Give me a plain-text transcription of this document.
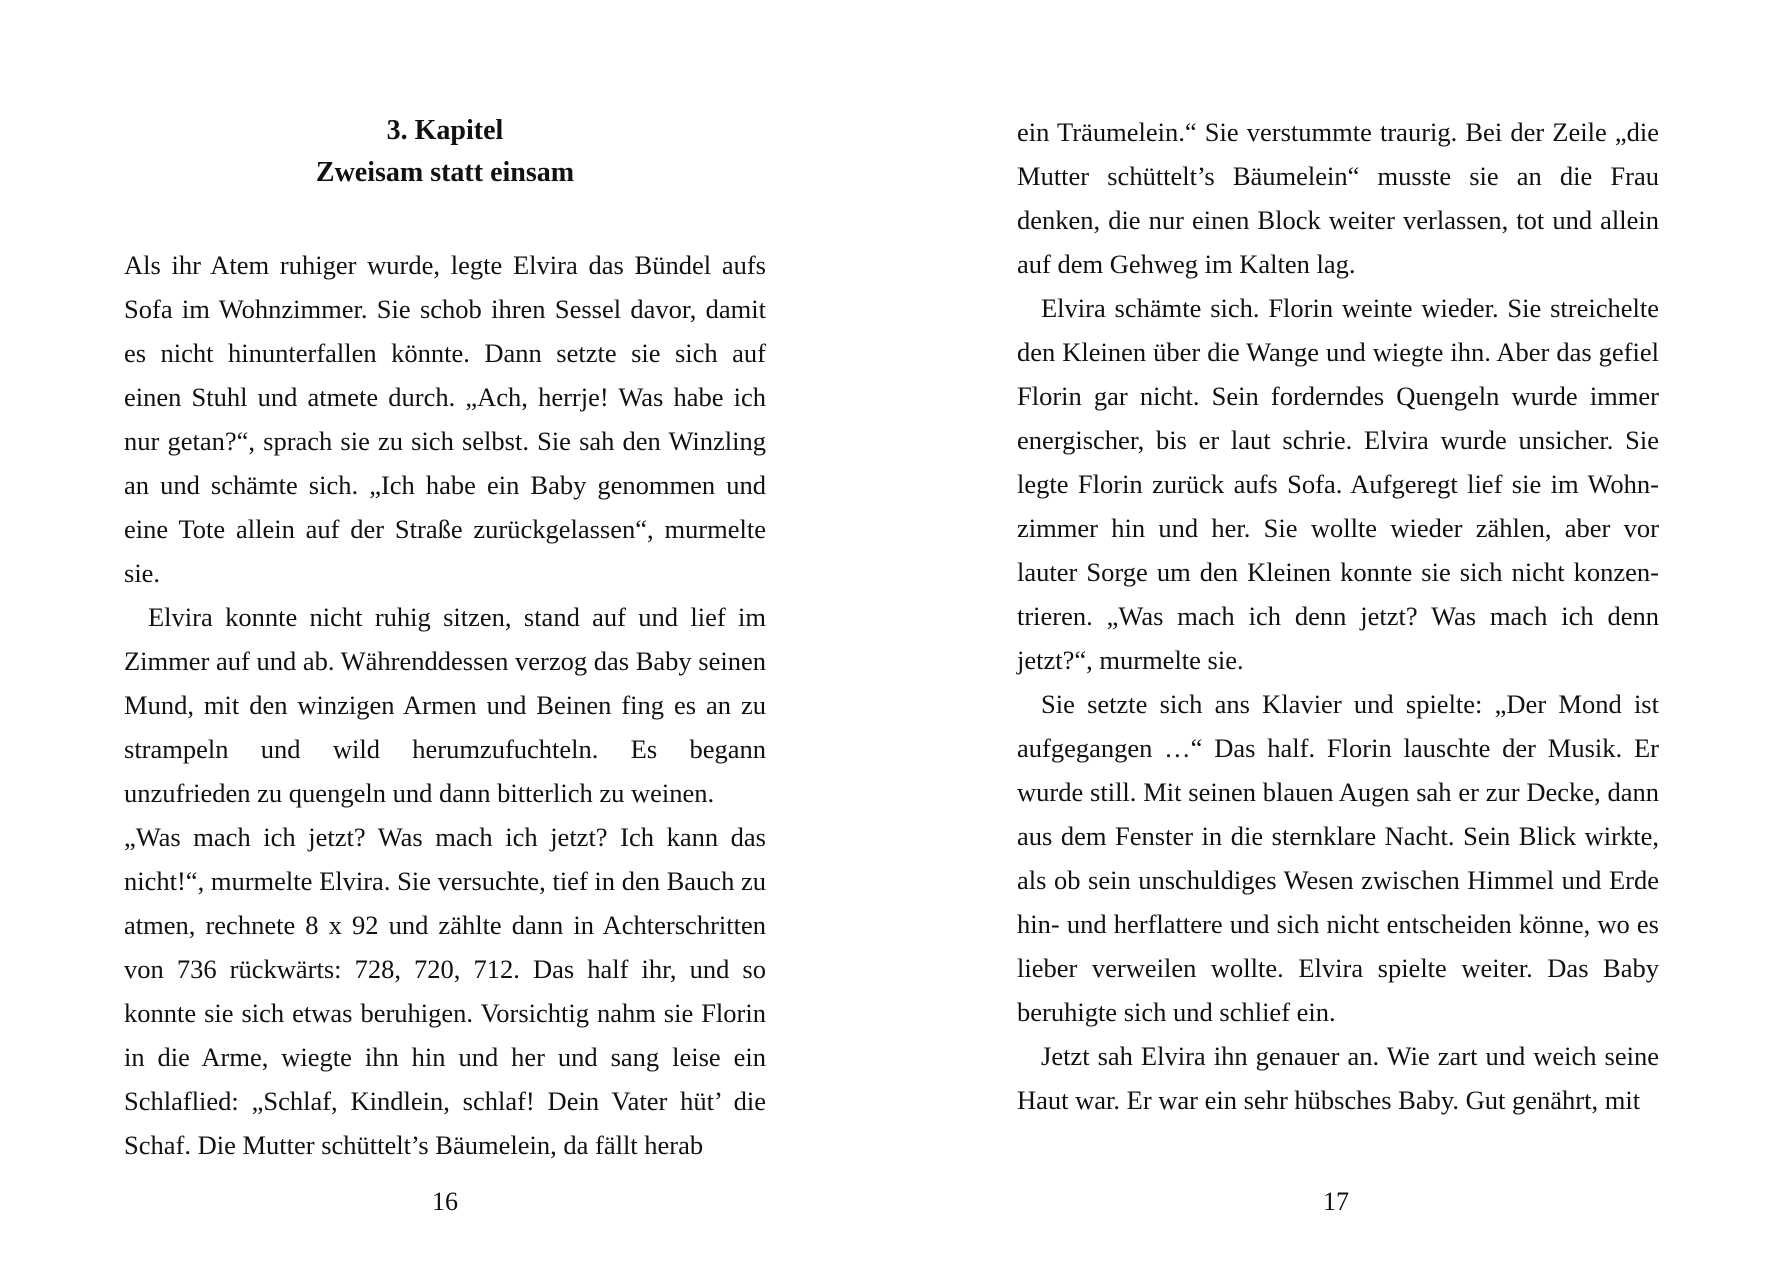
3. Kapitel
Zweisam statt einsam

Als ihr Atem ruhiger wurde, legte Elvira das Bündel aufs Sofa im Wohnzimmer. Sie schob ihren Sessel davor, damit es nicht hinunterfallen könnte. Dann setzte sie sich auf einen Stuhl und atmete durch. „Ach, herrje! Was habe ich nur getan?“, sprach sie zu sich selbst. Sie sah den Winzling an und schämte sich. „Ich habe ein Baby genommen und eine Tote allein auf der Straße zurückgelassen“, murmelte sie.

Elvira konnte nicht ruhig sitzen, stand auf und lief im Zimmer auf und ab. Währenddessen verzog das Baby seinen Mund, mit den winzigen Armen und Beinen fing es an zu strampeln und wild herumzufuchteln. Es begann unzufrieden zu quengeln und dann bitterlich zu weinen.

„Was mach ich jetzt? Was mach ich jetzt? Ich kann das nicht!“, murmelte Elvira. Sie versuchte, tief in den Bauch zu atmen, rechnete 8 x 92 und zählte dann in Achterschritten von 736 rückwärts: 728, 720, 712. Das half ihr, und so konnte sie sich etwas beruhigen. Vorsichtig nahm sie Florin in die Arme, wiegte ihn hin und her und sang leise ein Schlaflied: „Schlaf, Kindlein, schlaf! Dein Vater hüt’ die Schaf. Die Mutter schüttelt’s Bäumelein, da fällt herab

16

ein Träumelein.“ Sie verstummte traurig. Bei der Zeile „die Mutter schüttelt’s Bäumelein“ musste sie an die Frau denken, die nur einen Block weiter verlassen, tot und allein auf dem Gehweg im Kalten lag.

Elvira schämte sich. Florin weinte wieder. Sie streichelte den Kleinen über die Wange und wiegte ihn. Aber das gefiel Florin gar nicht. Sein forderndes Quengeln wurde immer energischer, bis er laut schrie. Elvira wurde unsicher. Sie legte Florin zurück aufs Sofa. Aufgeregt lief sie im Wohnzimmer hin und her. Sie wollte wieder zählen, aber vor lauter Sorge um den Kleinen konnte sie sich nicht konzentrieren. „Was mach ich denn jetzt? Was mach ich denn jetzt?“, murmelte sie.

Sie setzte sich ans Klavier und spielte: „Der Mond ist aufgegangen …“ Das half. Florin lauschte der Musik. Er wurde still. Mit seinen blauen Augen sah er zur Decke, dann aus dem Fenster in die sternklare Nacht. Sein Blick wirkte, als ob sein unschuldiges Wesen zwischen Himmel und Erde hin- und herflattere und sich nicht entscheiden könne, wo es lieber verweilen wollte. Elvira spielte weiter. Das Baby beruhigte sich und schlief ein.

Jetzt sah Elvira ihn genauer an. Wie zart und weich seine Haut war. Er war ein sehr hübsches Baby. Gut genährt, mit

17
